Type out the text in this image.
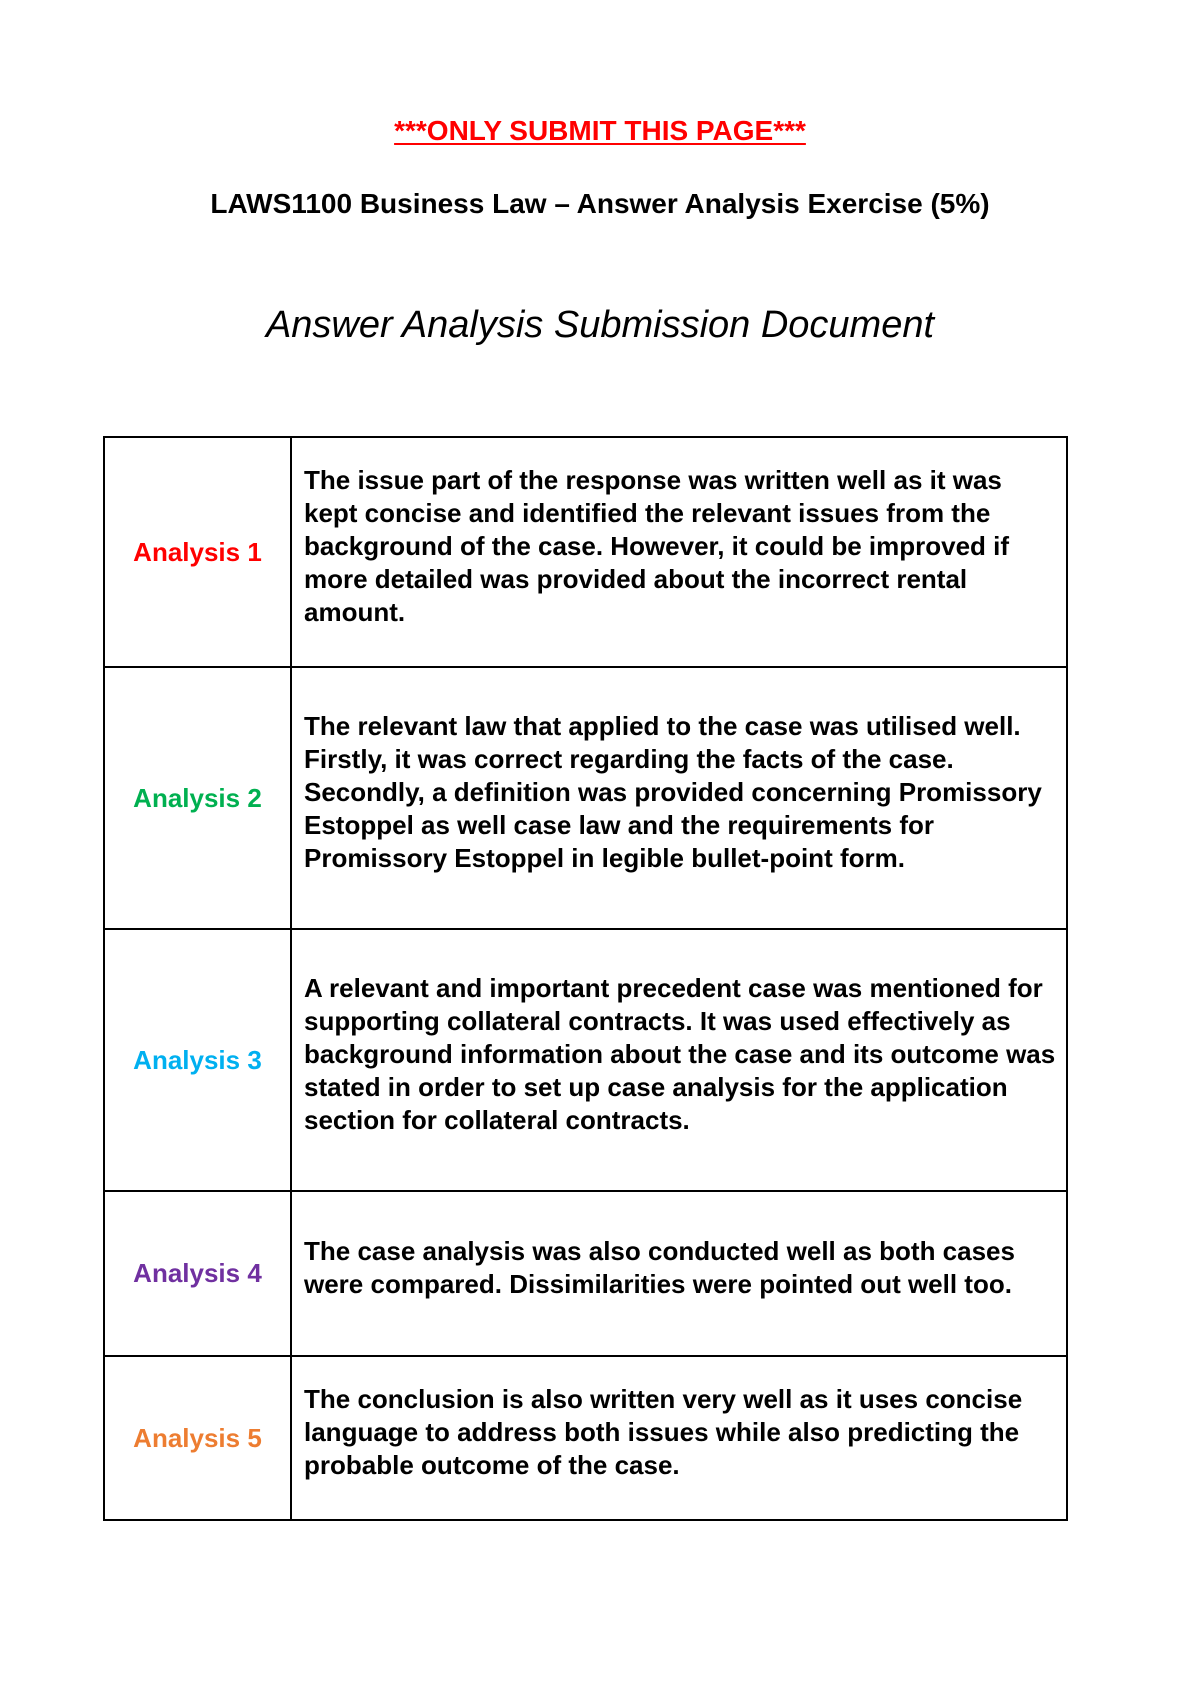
***ONLY SUBMIT THIS PAGE***
LAWS1100 Business Law – Answer Analysis Exercise (5%)
Answer Analysis Submission Document
Analysis 1	The issue part of the response was written well as it was kept concise and identified the relevant issues from the background of the case. However, it could be improved if more detailed was provided about the incorrect rental amount.

Analysis 2	The relevant law that applied to the case was utilised well. Firstly, it was correct regarding the facts of the case. Secondly, a definition was provided concerning Promissory Estoppel as well case law and the requirements for Promissory Estoppel in legible bullet-point form.

Analysis 3	A relevant and important precedent case was mentioned for supporting collateral contracts. It was used effectively as background information about the case and its outcome was stated in order to set up case analysis for the application section for collateral contracts.

Analysis 4	The case analysis was also conducted well as both cases were compared. Dissimilarities were pointed out well too.

Analysis 5	The conclusion is also written very well as it uses concise language to address both issues while also predicting the probable outcome of the case.
